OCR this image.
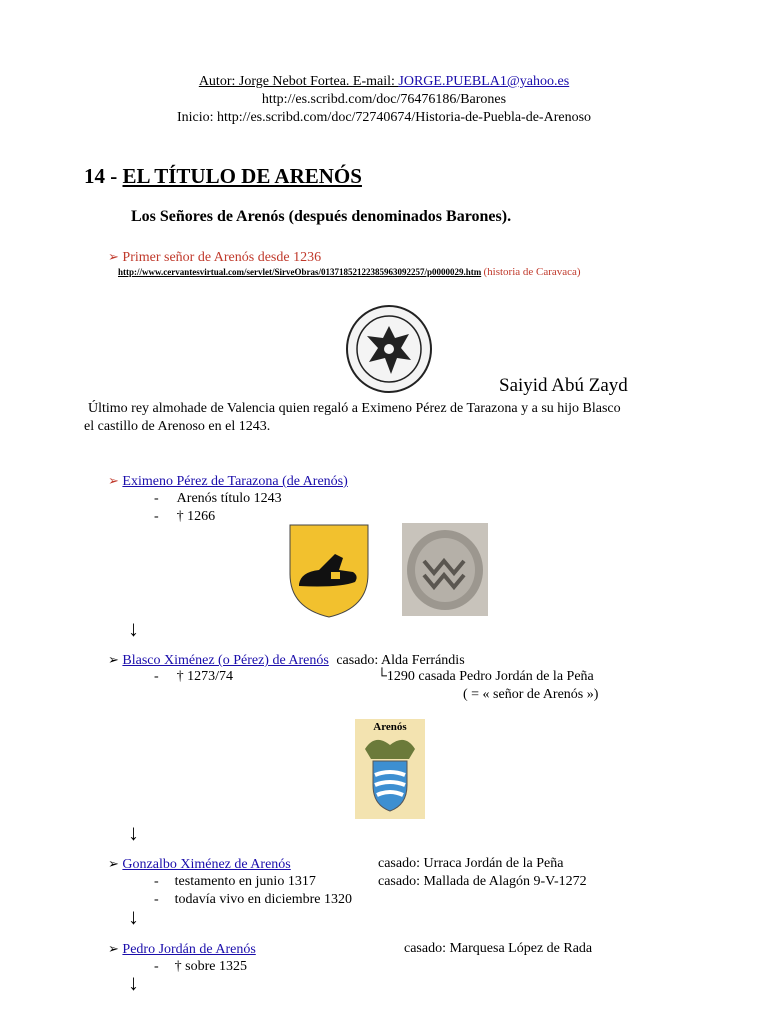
Autor: Jorge Nebot Fortea. E-mail: JORGE.PUEBLA1@yahoo.es
http://es.scribd.com/doc/76476186/Barones
Inicio: http://es.scribd.com/doc/72740674/Historia-de-Puebla-de-Arenoso
14 - EL TÍTULO DE ARENÓS
Los Señores de Arenós (después denominados Barones).
➢ Primer señor de Arenós desde 1236
http://www.cervantesvirtual.com/servlet/SirveObras/01371852122385963092257/p0000029.htm (historia de Caravaca)
Saiyid Abú Zayd
Último rey almohade de Valencia quien regaló a Eximeno Pérez de Tarazona y a su hijo Blasco
el castillo de Arenoso en el 1243.
➢ Eximeno Pérez de Tarazona (de Arenós)
- Arenós título 1243
- † 1266
↓
➢ Blasco Ximénez (o Pérez) de Arenós casado: Alda Ferrándis
- † 1273/74	└1290 casada Pedro Jordán de la Peña
( = « señor de Arenós »)
Arenós
↓
➢ Gonzalbo Ximénez de Arenós	casado: Urraca Jordán de la Peña
- testamento en junio 1317	casado: Mallada de Alagón 9-V-1272
- todavía vivo en diciembre 1320
↓
➢ Pedro Jordán de Arenós	casado: Marquesa López de Rada
- † sobre 1325
↓
